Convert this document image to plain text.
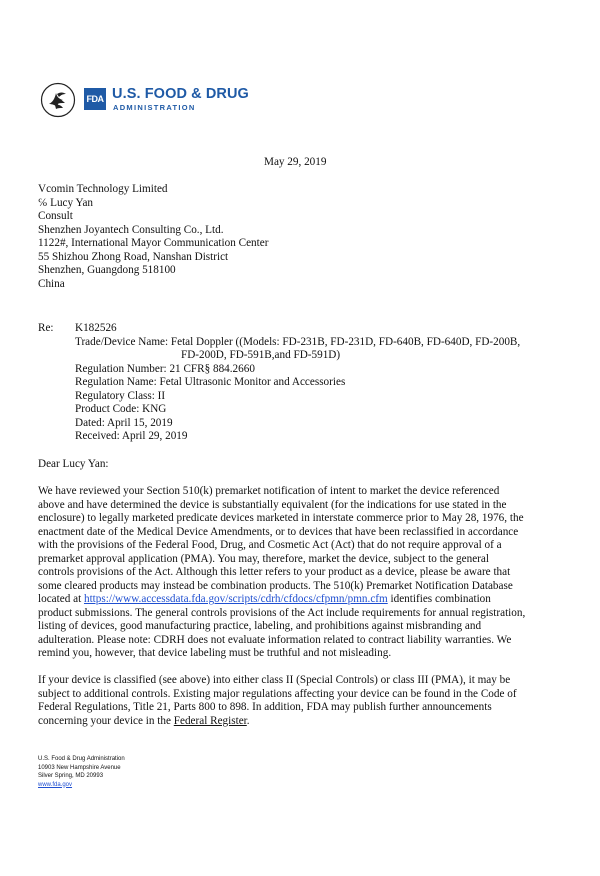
FDA U.S. FOOD & DRUG
ADMINISTRATION
May 29, 2019
Vcomin Technology Limited
℅ Lucy Yan
Consult
Shenzhen Joyantech Consulting Co., Ltd.
1122#, International Mayor Communication Center
55 Shizhou Zhong Road, Nanshan District
Shenzhen, Guangdong 518100
China
Re: K182526
Trade/Device Name: Fetal Doppler ((Models: FD-231B, FD-231D, FD-640B, FD-640D, FD-200B,
FD-200D, FD-591B,and FD-591D)
Regulation Number: 21 CFR§ 884.2660
Regulation Name: Fetal Ultrasonic Monitor and Accessories
Regulatory Class: II
Product Code: KNG
Dated: April 15, 2019
Received: April 29, 2019
Dear Lucy Yan:
We have reviewed your Section 510(k) premarket notification of intent to market the device referenced
above and have determined the device is substantially equivalent (for the indications for use stated in the
enclosure) to legally marketed predicate devices marketed in interstate commerce prior to May 28, 1976, the
enactment date of the Medical Device Amendments, or to devices that have been reclassified in accordance
with the provisions of the Federal Food, Drug, and Cosmetic Act (Act) that do not require approval of a
premarket approval application (PMA). You may, therefore, market the device, subject to the general
controls provisions of the Act. Although this letter refers to your product as a device, please be aware that
some cleared products may instead be combination products. The 510(k) Premarket Notification Database
located at https://www.accessdata.fda.gov/scripts/cdrh/cfdocs/cfpmn/pmn.cfm identifies combination
product submissions. The general controls provisions of the Act include requirements for annual registration,
listing of devices, good manufacturing practice, labeling, and prohibitions against misbranding and
adulteration. Please note: CDRH does not evaluate information related to contract liability warranties. We
remind you, however, that device labeling must be truthful and not misleading.
If your device is classified (see above) into either class II (Special Controls) or class III (PMA), it may be
subject to additional controls. Existing major regulations affecting your device can be found in the Code of
Federal Regulations, Title 21, Parts 800 to 898. In addition, FDA may publish further announcements
concerning your device in the Federal Register.
U.S. Food & Drug Administration
10903 New Hampshire Avenue
Silver Spring, MD 20993
www.fda.gov
